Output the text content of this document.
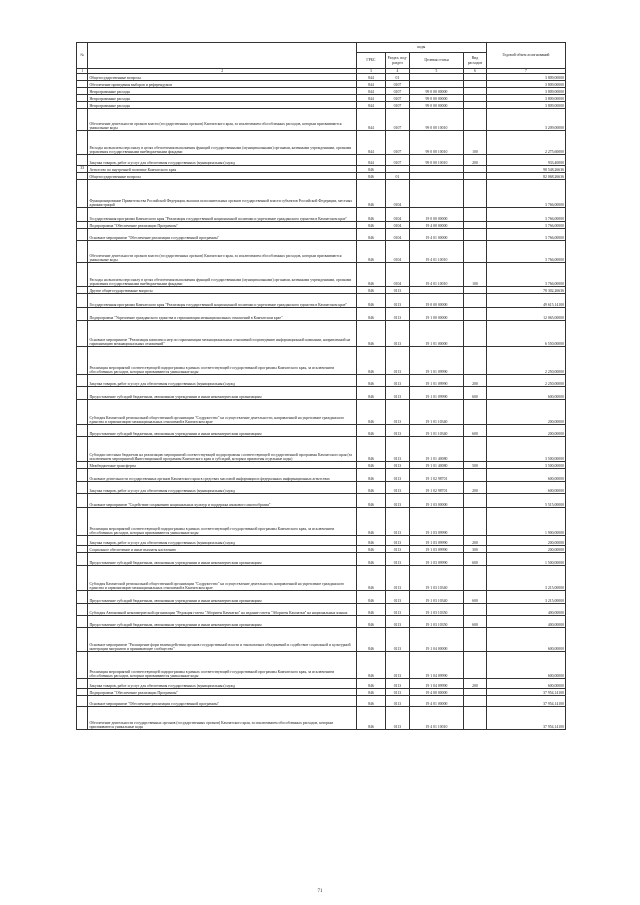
№		коды				Годовой объем ассигнований
		ГРБС	Раздел, под-раздел	Целевая статья	Вид расходов	
1	2	3	4	5	6	7
	Общегосударственные вопросы	844	01			3 809,00000
	Обеспечение проведения выборов и референдумов	844	0107			3 809,00000
	Непрограммные расходы	844	0107	99 0 00 00000		3 809,00000
	Непрограммные расходы	844	0107	99 0 00 00000		3 809,00000
	Непрограммные расходы	844	0107	99 0 00 00000		3 809,00000
	Обеспечение деятельности органов власти (государственных органов) Камчатского края, за исключением обособленных расходов, которым присваиваются уникальные коды	844	0107	99 0 00 10010		3 209,00000
	Расходы на выплаты персоналу в целях обеспечения выполнения функций государственными (муниципальными) органами, казенными учреждениями, органами управления государственными внебюджетными фондами	844	0107	99 0 00 10010	100	2 275,60000
	Закупка товаров, работ и услуг для обеспечения государственных (муниципальных) нужд	844	0107	99 0 00 10010	200	933,40000
33	Агентство по внутренней политике Камчатского края	846				98 548,26636
	Общегосударственные вопросы	846	01			82 068,26636
	Функционирование Правительства Российской Федерации, высших исполнительных органов государственной власти субъектов Российской Федерации, местных администраций	846	0104			3 766,00000
	Государственная программа Камчатского края "Реализация государственной национальной политики и укрепление гражданского единства в Камчатском крае"	846	0104	19 0 00 00000		3 766,00000
	Подпрограмма "Обеспечение реализации Программы"	846	0104	19 4 00 00000		3 766,00000
	Основное мероприятие "Обеспечение реализации государственной программы"	846	0104	19 4 01 00000		3 766,00000
	Обеспечение деятельности органов власти (государственных органов) Камчатского края, за исключением обособленных расходов, которым присваиваются уникальные коды	846	0104	19 4 01 10010		3 766,00000
	Расходы на выплаты персоналу в целях обеспечения выполнения функций государственными (муниципальными) органами, казенными учреждениями, органами управления государственными внебюджетными фондами	846	0104	19 4 01 10010	100	3 766,00000
	Другие общегосударственные вопросы	846	0113			78 302,26636
	Государственная программа Камчатского края "Реализация государственной национальной политики и укрепление гражданского единства в Камчатском крае"	846	0113	19 0 00 00000		49 615,14100
	Подпрограмма "Укрепление гражданского единства и гармонизация межнациональных отношений в Камчатском крае"	846	0113	19 1 00 00000		12 065,00000
	Основное мероприятие "Реализация комплекса мер по гармонизации межнациональных отношений и проведению информационной кампании, направленной на гармонизацию межнациональных отношений"	846	0113	19 1 01 00000		6 550,00000
	Реализация мероприятий соответствующей подпрограммы в рамках соответствующей государственной программы Камчатского края, за исключением обособленных расходов, которым присваиваются уникальные коды	846	0113	19 1 01 09990		2 250,00000
	Закупка товаров, работ и услуг для обеспечения государственных (муниципальных) нужд	846	0113	19 1 01 09990	200	2 250,00000
	Предоставление субсидий бюджетным, автономным учреждениям и иным некоммерческим организациям	846	0113	19 1 01 09990	600	600,00000
	Субсидия Камчатской региональной общественной организации "Содружество" на осуществление деятельности, направленной на укрепление гражданского единства и гармонизацию межнациональных отношений в Камчатском крае	846	0113	19 1 01 10340		200,00000
	Предоставление субсидий бюджетным, автономным учреждениям и иным некоммерческим организациям	846	0113	19 1 01 10340	600	200,00000
	Субсидии местным бюджетам на реализацию мероприятий соответствующей подпрограммы соответствующей государственной программы Камчатского края (за исключением мероприятий Инвестиционной программы Камчатского края и субсидий, которым присвоены отдельные коды)	846	0113	19 1 01 40080		3 500,00000
	Межбюджетные трансферты	846	0113	19 1 01 40080	500	3 500,00000
	Основное деятельности государственных органов Камчатского края в средствах массовой информации и федеральных информационных агентствах	846	0113	19 1 02 98701		600,00000
	Закупка товаров, работ и услуг для обеспечения государственных (муниципальных) нужд	846	0113	19 1 02 98701	200	600,00000
	Основное мероприятие "Содействие сохранению национальных культур и поддержка языкового многообразия"	846	0113	19 1 03 00000		5 515,00000
	Реализация мероприятий соответствующей подпрограммы в рамках соответствующей государственной программы Камчатского края, за исключением обособленных расходов, которым присваиваются уникальные коды	846	0113	19 1 03 09990		1 900,00000
	Закупка товаров, работ и услуг для обеспечения государственных (муниципальных) нужд	846	0113	19 1 03 09990	200	200,00000
	Социальное обеспечение и иные выплаты населению	846	0113	19 1 03 09990	300	200,00000
	Предоставление субсидий бюджетным, автономным учреждениям и иным некоммерческим организациям	846	0113	19 1 03 09990	600	1 500,00000
	Субсидия Камчатской региональной общественной организации "Содружество" на осуществление деятельности, направленной на укрепление гражданского единства и гармонизацию межнациональных отношений в Камчатском крае	846	0113	19 1 03 10340		3 215,00000
	Предоставление субсидий бюджетным, автономным учреждениям и иным некоммерческим организациям	846	0113	19 1 03 10340	600	3 215,00000
	Субсидия Автономной некоммерческой организации "Редакция газеты "Абориген Камчатки" на издание газеты "Абориген Камчатки" на национальных языках	846	0113	19 1 03 10350		400,00000
	Предоставление субсидий бюджетным, автономным учреждениям и иным некоммерческим организациям	846	0113	19 1 03 10350	600	400,00000
	Основное мероприятие "Расширение форм взаимодействия органов государственной власти и этноказачьих объединений и содействие социальной и культурной интеграции мигрантов и принимающее сообщество"	846	0113	19 1 04 00000		600,00000
	Реализация мероприятий соответствующей подпрограммы в рамках соответствующей государственной программы Камчатского края, за исключением обособленных расходов, которым присваиваются уникальные коды	846	0113	19 1 04 09990		600,00000
	Закупка товаров, работ и услуг для обеспечения государственных (муниципальных) нужд	846	0113	19 1 04 09990	200	600,00000
	Подпрограмма "Обеспечение реализации Программы"	846	0113	19 4 00 00000		37 954,14100
	Основное мероприятие "Обеспечение реализации государственной программы"	846	0113	19 4 01 00000		37 954,14100
	Обеспечение деятельности государственных органов (государственных органов) Камчатского края, за исключением обособленных расходов, которым присваиваются уникальные коды	846	0113	19 4 01 10010		37 954,14100
71
